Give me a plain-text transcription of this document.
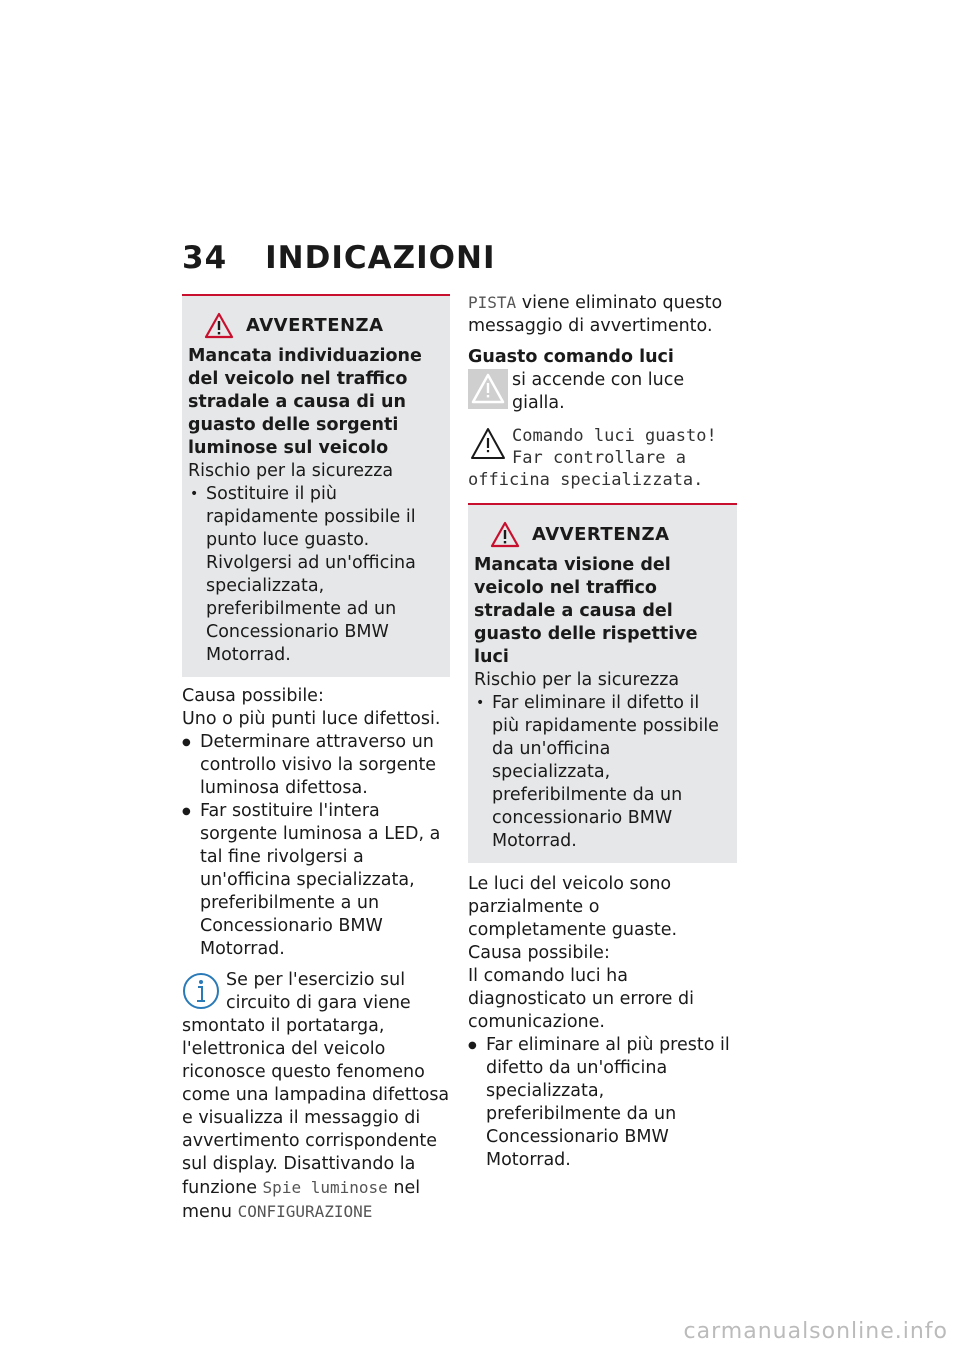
34 INDICAZIONI
AVVERTENZA

Mancata individuazione del veicolo nel traffico stradale a causa di un guasto delle sorgenti luminose sul veicolo

Rischio per la sicurezza

• Sostituire il più rapidamente possibile il punto luce guasto. Rivolgersi ad un'officina specializzata, preferibilmente ad un Concessionario BMW Motorrad.

Causa possibile:

Uno o più punti luce difettosi.

● Determinare attraverso un controllo visivo la sorgente luminosa difettosa.
● Far sostituire l'intera sorgente luminosa a LED, a tal fine rivolgersi a un'officina specializzata, preferibilmente a un Concessionario BMW Motorrad.
Se per l'esercizio sul circuito di gara viene smontato il portatarga, l'elettronica del veicolo riconosce questo fenomeno come una lampadina difettosa e visualizza il messaggio di avvertimento corrispondente sul display. Disattivando la funzione Spie luminose nel menu CONFIGURAZIONE

PISTA viene eliminato questo messaggio di avvertimento.

Guasto comando luci

si accende con luce gialla.
Comando luci guasto!
Far controllare a
officina specializzata.
AVVERTENZA

Mancata visione del veicolo nel traffico stradale a causa del guasto delle rispettive luci

Rischio per la sicurezza

• Far eliminare il difetto il più rapidamente possibile da un'officina specializzata, preferibilmente da un concessionario BMW Motorrad.

Le luci del veicolo sono parzialmente o completamente guaste.

Causa possibile:

Il comando luci ha diagnosticato un errore di comunicazione.

● Far eliminare al più presto il difetto da un'officina specializzata, preferibilmente da un Concessionario BMW Motorrad.
carmanualsonline.info
